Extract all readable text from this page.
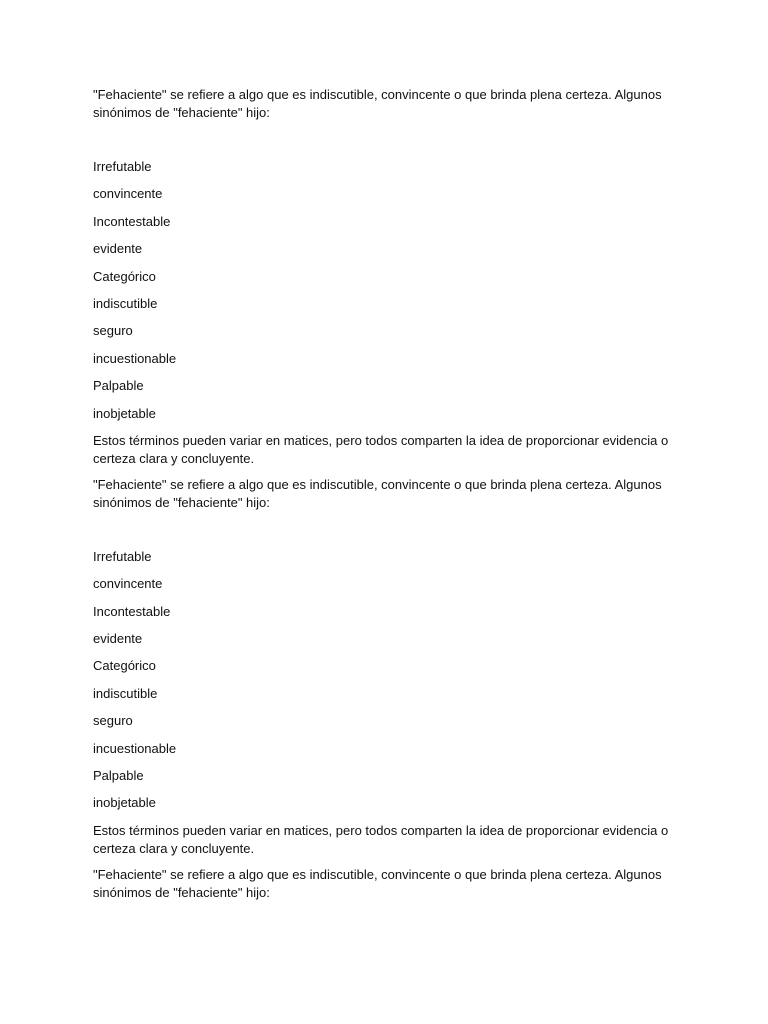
"Fehaciente" se refiere a algo que es indiscutible, convincente o que brinda plena certeza. Algunos sinónimos de "fehaciente" hijo:

Irrefutable

convincente

Incontestable

evidente

Categórico

indiscutible

seguro

incuestionable

Palpable

inobjetable

Estos términos pueden variar en matices, pero todos comparten la idea de proporcionar evidencia o certeza clara y concluyente.

"Fehaciente" se refiere a algo que es indiscutible, convincente o que brinda plena certeza. Algunos sinónimos de "fehaciente" hijo:

Irrefutable

convincente

Incontestable

evidente

Categórico

indiscutible

seguro

incuestionable

Palpable

inobjetable

Estos términos pueden variar en matices, pero todos comparten la idea de proporcionar evidencia o certeza clara y concluyente.

"Fehaciente" se refiere a algo que es indiscutible, convincente o que brinda plena certeza. Algunos sinónimos de "fehaciente" hijo:
